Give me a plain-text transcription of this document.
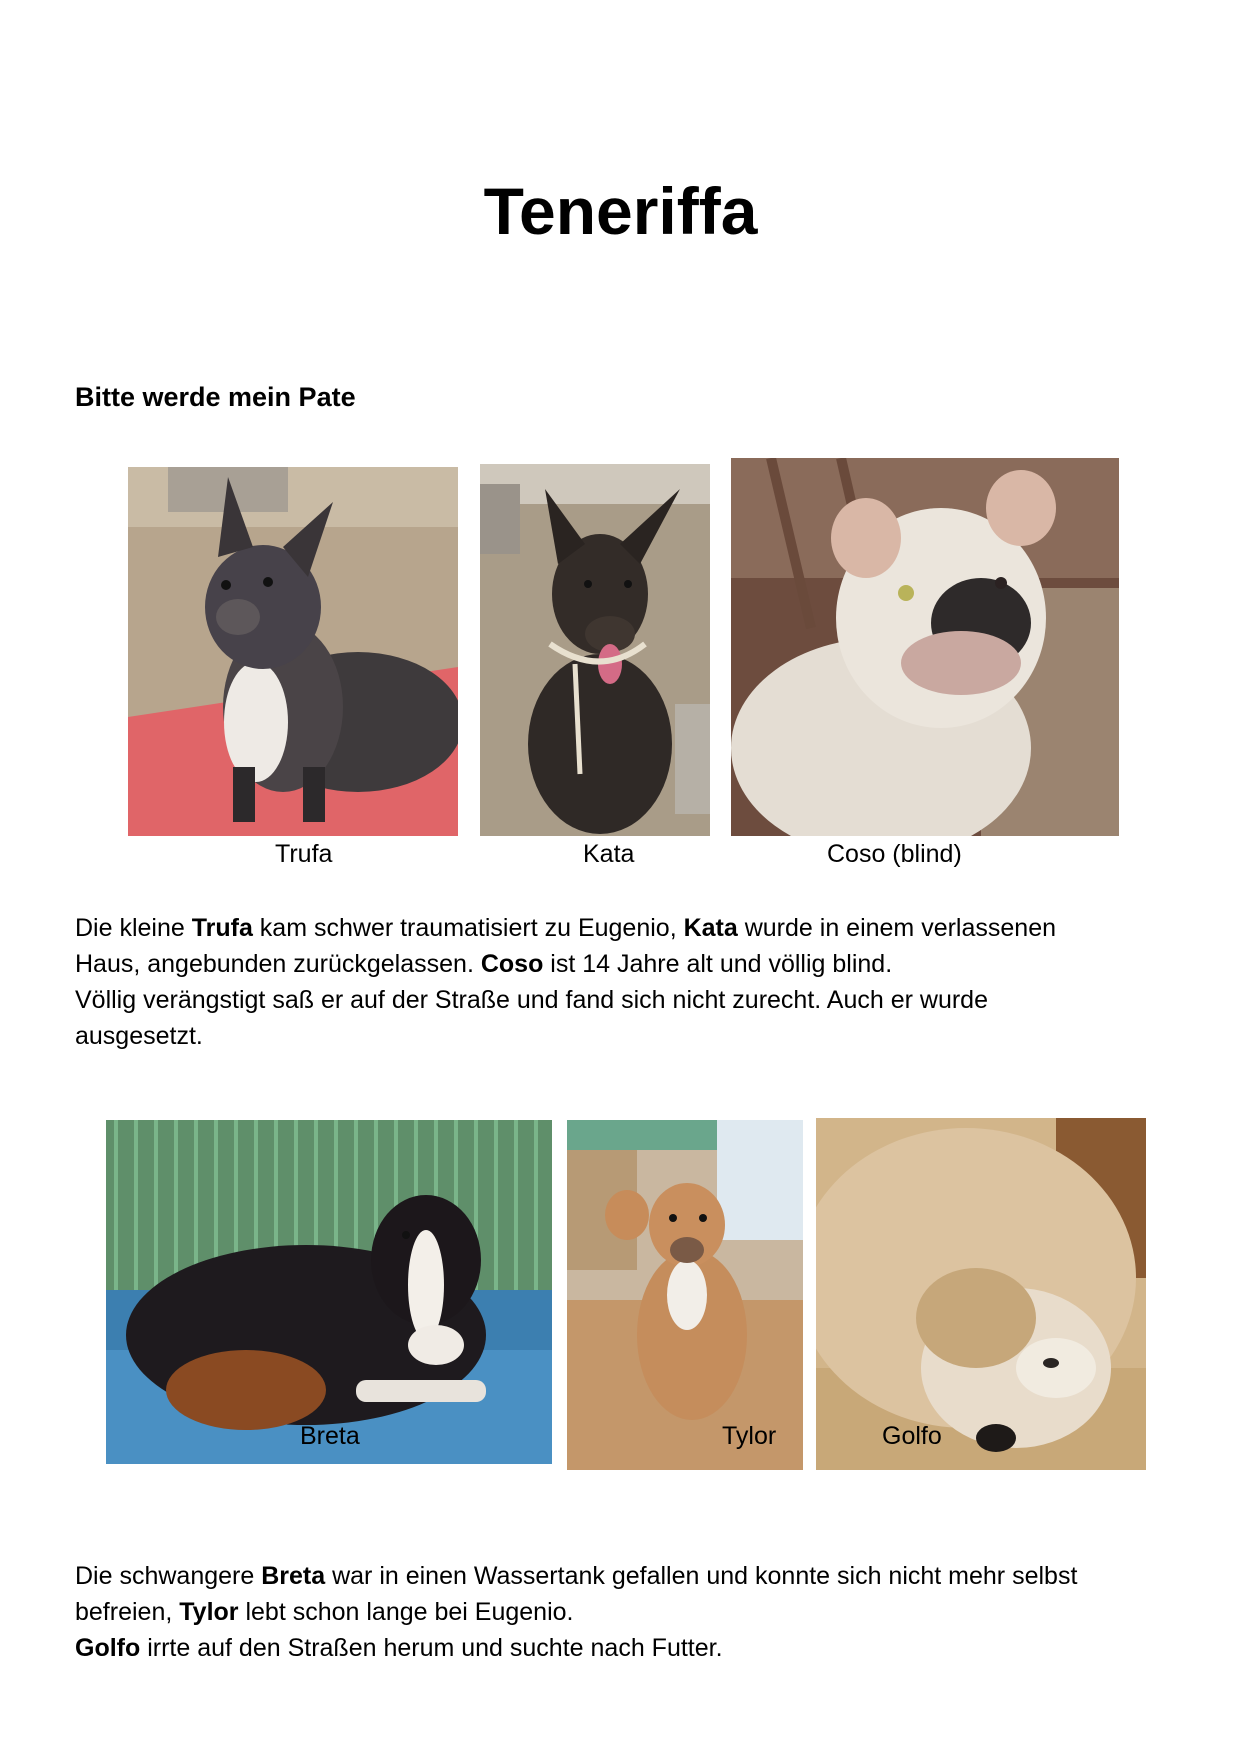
Teneriffa
Bitte werde mein Pate
Trufa	Kata	Coso (blind)

Die kleine Trufa kam schwer traumatisiert zu Eugenio, Kata wurde in einem verlassenen
Haus, angebunden zurückgelassen. Coso ist 14 Jahre alt und völlig blind.
Völlig verängstigt saß er auf der Straße und fand sich nicht zurecht. Auch er wurde
ausgesetzt.

Breta	Tylor	Golfo

Die schwangere Breta war in einen Wassertank gefallen und konnte sich nicht mehr selbst
befreien, Tylor lebt schon lange bei Eugenio.
Golfo irrte auf den Straßen herum und suchte nach Futter.
